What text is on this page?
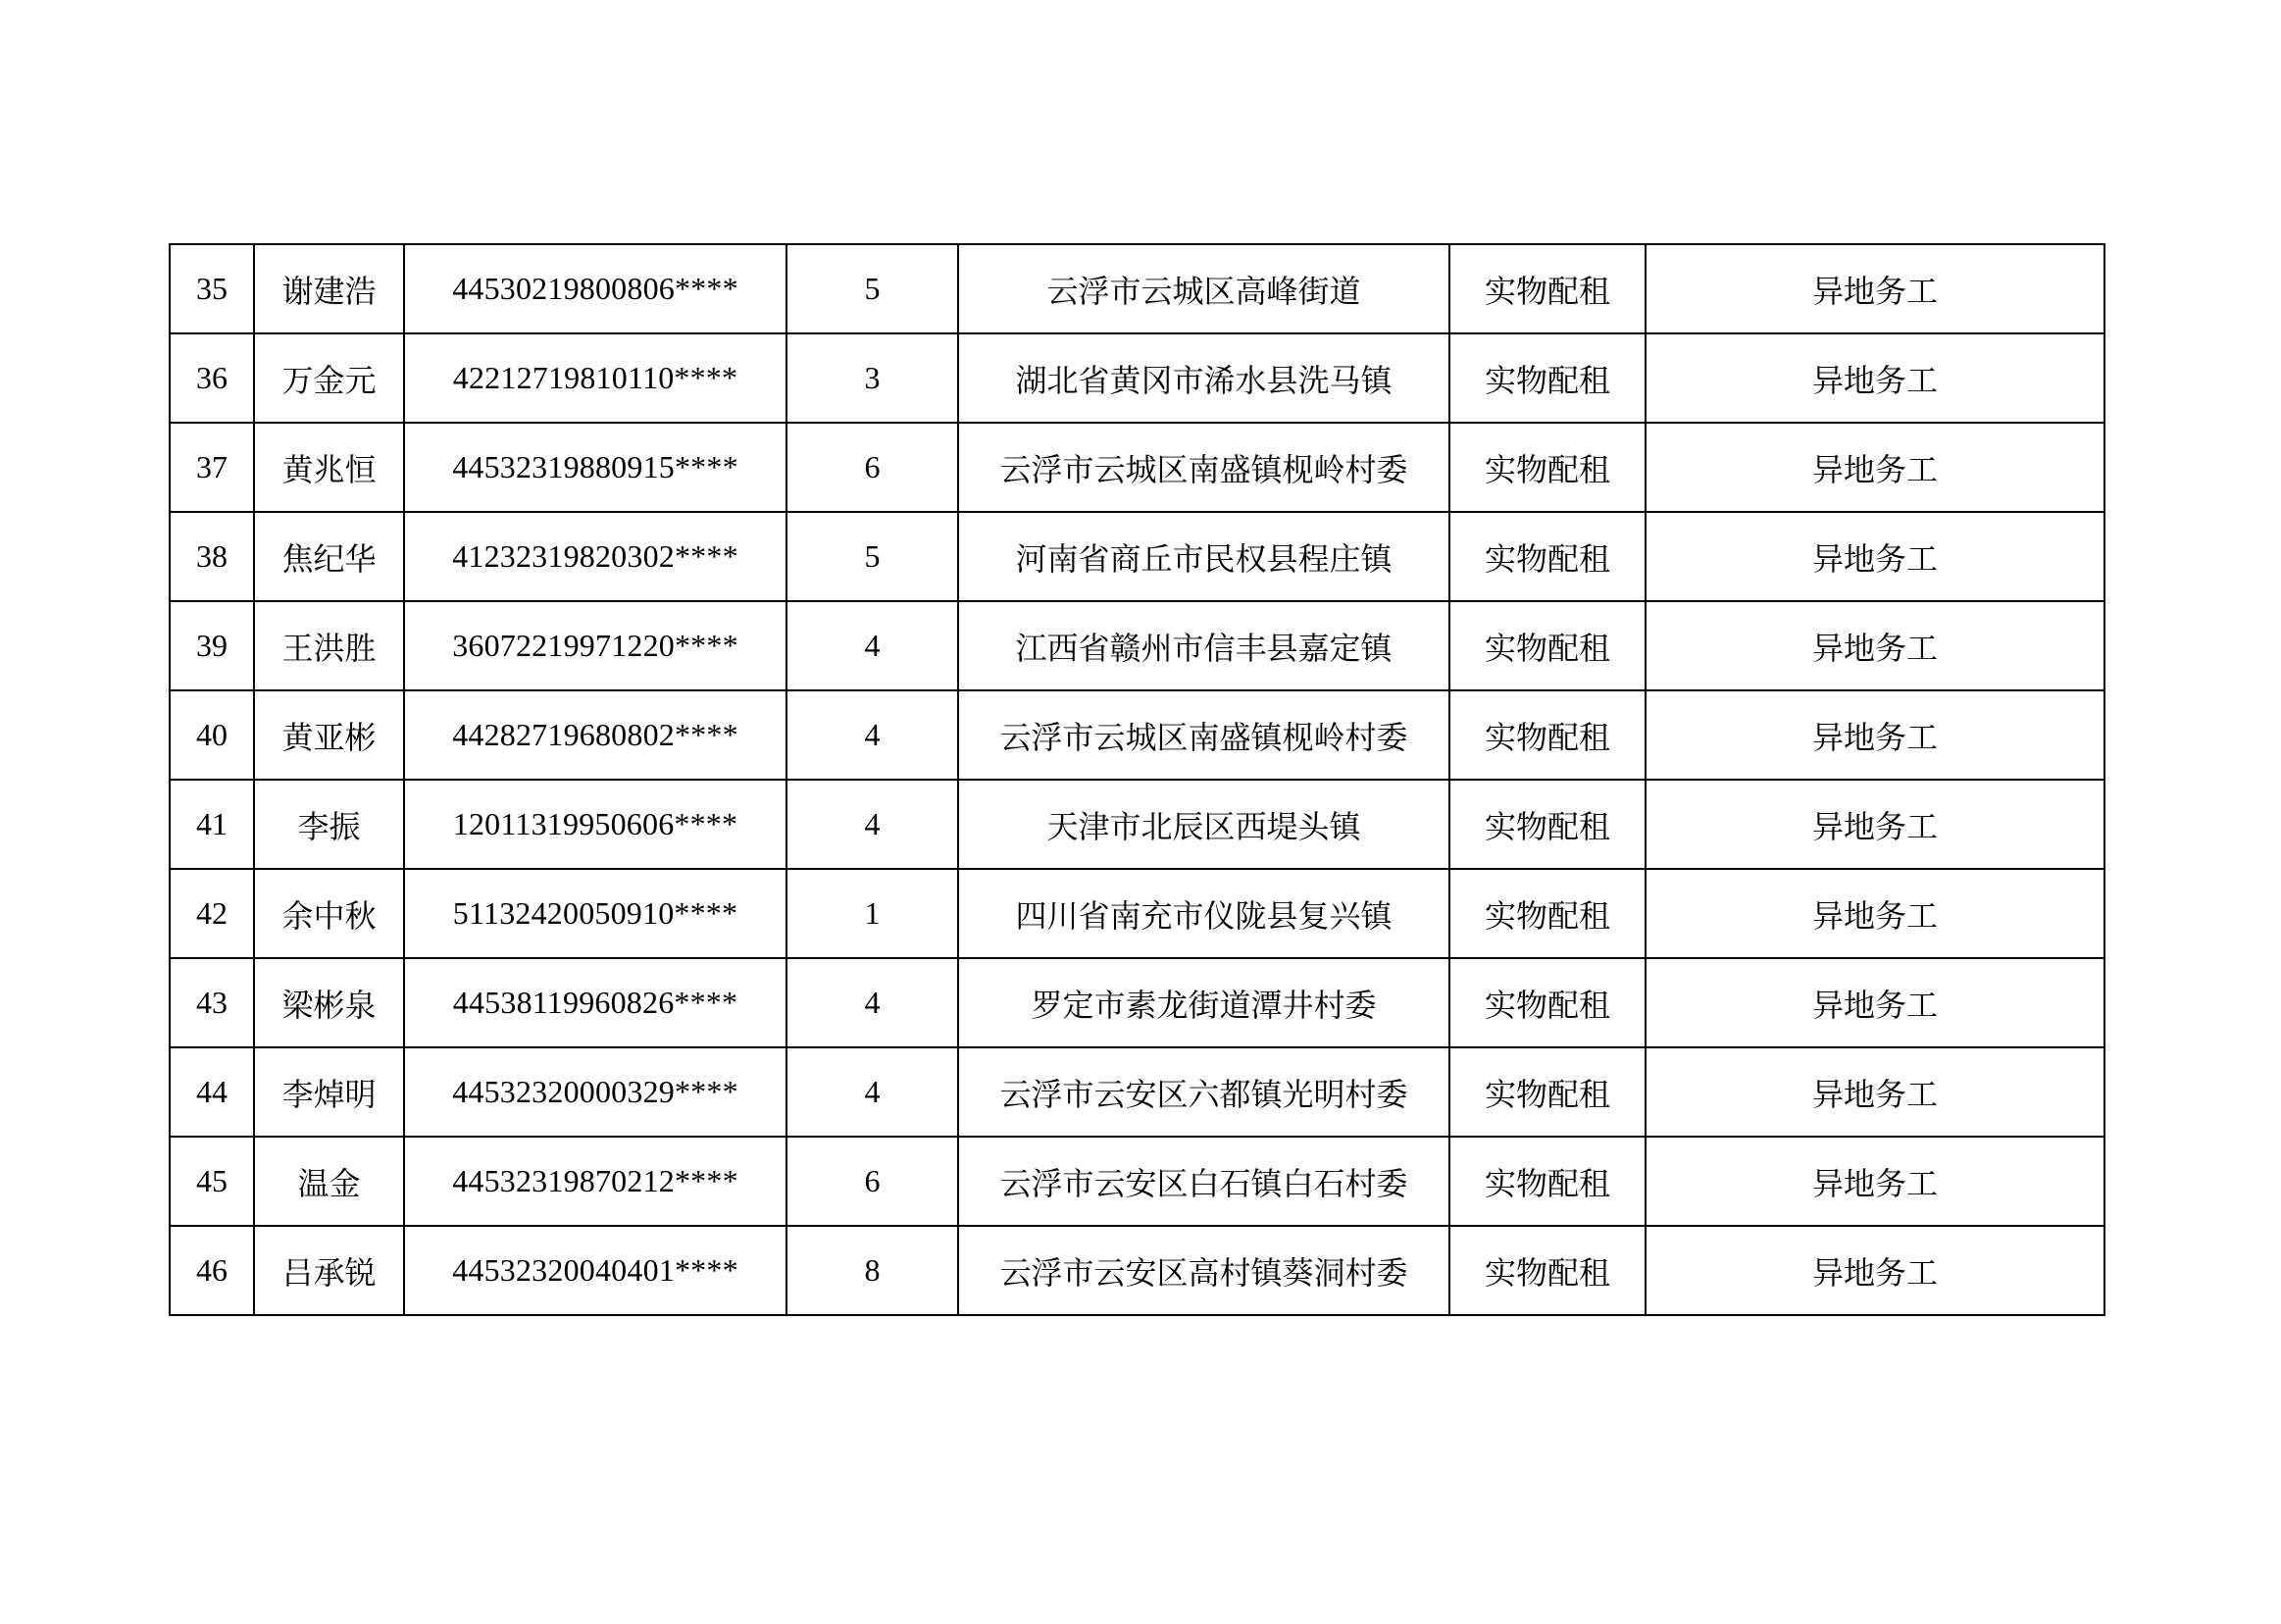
35	谢建浩	44530219800806****	5	云浮市云城区高峰街道	实物配租	异地务工
36	万金元	42212719810110****	3	湖北省黄冈市浠水县洗马镇	实物配租	异地务工
37	黄兆恒	44532319880915****	6	云浮市云城区南盛镇枧岭村委	实物配租	异地务工
38	焦纪华	41232319820302****	5	河南省商丘市民权县程庄镇	实物配租	异地务工
39	王洪胜	36072219971220****	4	江西省赣州市信丰县嘉定镇	实物配租	异地务工
40	黄亚彬	44282719680802****	4	云浮市云城区南盛镇枧岭村委	实物配租	异地务工
41	李振	12011319950606****	4	天津市北辰区西堤头镇	实物配租	异地务工
42	余中秋	51132420050910****	1	四川省南充市仪陇县复兴镇	实物配租	异地务工
43	梁彬泉	44538119960826****	4	罗定市素龙街道潭井村委	实物配租	异地务工
44	李焯明	44532320000329****	4	云浮市云安区六都镇光明村委	实物配租	异地务工
45	温金	44532319870212****	6	云浮市云安区白石镇白石村委	实物配租	异地务工
46	吕承锐	44532320040401****	8	云浮市云安区高村镇葵洞村委	实物配租	异地务工
